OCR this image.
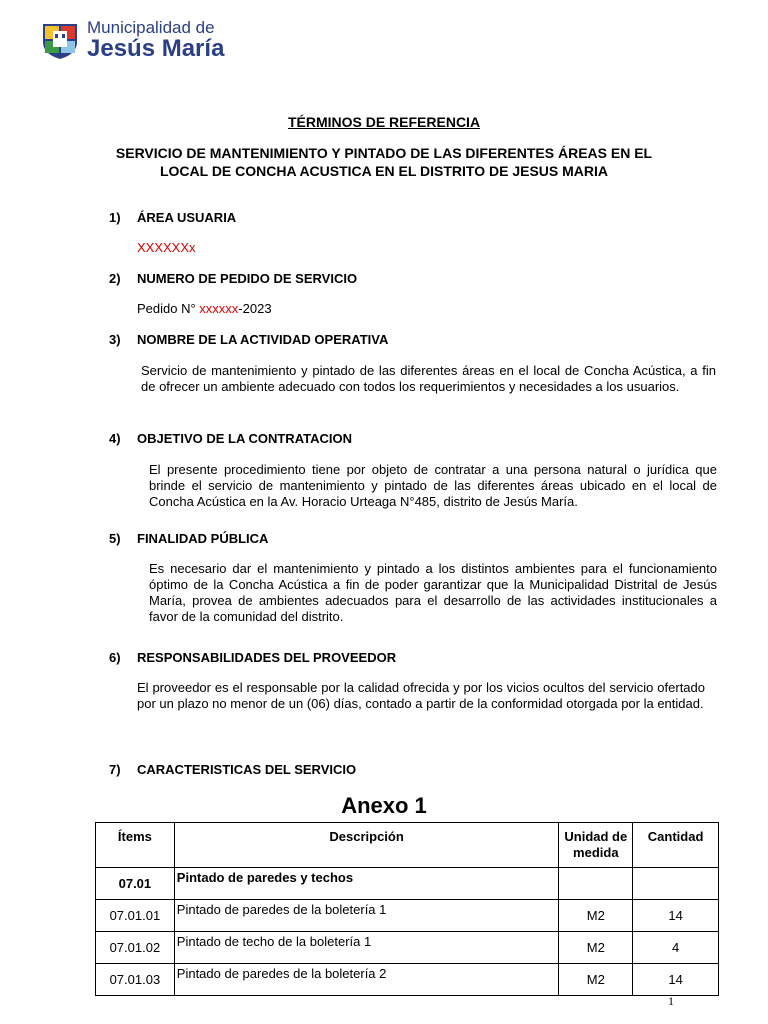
Municipalidad de
Jesús María
TÉRMINOS DE REFERENCIA
SERVICIO DE MANTENIMIENTO Y PINTADO DE LAS DIFERENTES ÁREAS EN EL
LOCAL DE CONCHA ACUSTICA EN EL DISTRITO DE JESUS MARIA
1) ÁREA USUARIA
XXXXXXx
2) NUMERO DE PEDIDO DE SERVICIO
Pedido N° xxxxxx-2023
3) NOMBRE DE LA ACTIVIDAD OPERATIVA
Servicio de mantenimiento y pintado de las diferentes áreas en el local de Concha Acústica, a fin de ofrecer un ambiente adecuado con todos los requerimientos y necesidades a los usuarios.
4) OBJETIVO DE LA CONTRATACION
El presente procedimiento tiene por objeto de contratar a una persona natural o jurídica que brinde el servicio de mantenimiento y pintado de las diferentes áreas ubicado en el local de Concha Acústica en la Av. Horacio Urteaga N°485, distrito de Jesús María.
5) FINALIDAD PÚBLICA
Es necesario dar el mantenimiento y pintado a los distintos ambientes para el funcionamiento óptimo de la Concha Acústica a fin de poder garantizar que la Municipalidad Distrital de Jesús María, provea de ambientes adecuados para el desarrollo de las actividades institucionales a favor de la comunidad del distrito.
6) RESPONSABILIDADES DEL PROVEEDOR
El proveedor es el responsable por la calidad ofrecida y por los vicios ocultos del servicio ofertado por un plazo no menor de un (06) días, contado a partir de la conformidad otorgada por la entidad.
7) CARACTERISTICAS DEL SERVICIO
Anexo 1
Ítems	Descripción	Unidad de medida	Cantidad
07.01	Pintado de paredes y techos		
07.01.01	Pintado de paredes de la boletería 1	M2	14
07.01.02	Pintado de techo de la boletería 1	M2	4
07.01.03	Pintado de paredes de la boletería 2	M2	14
1
